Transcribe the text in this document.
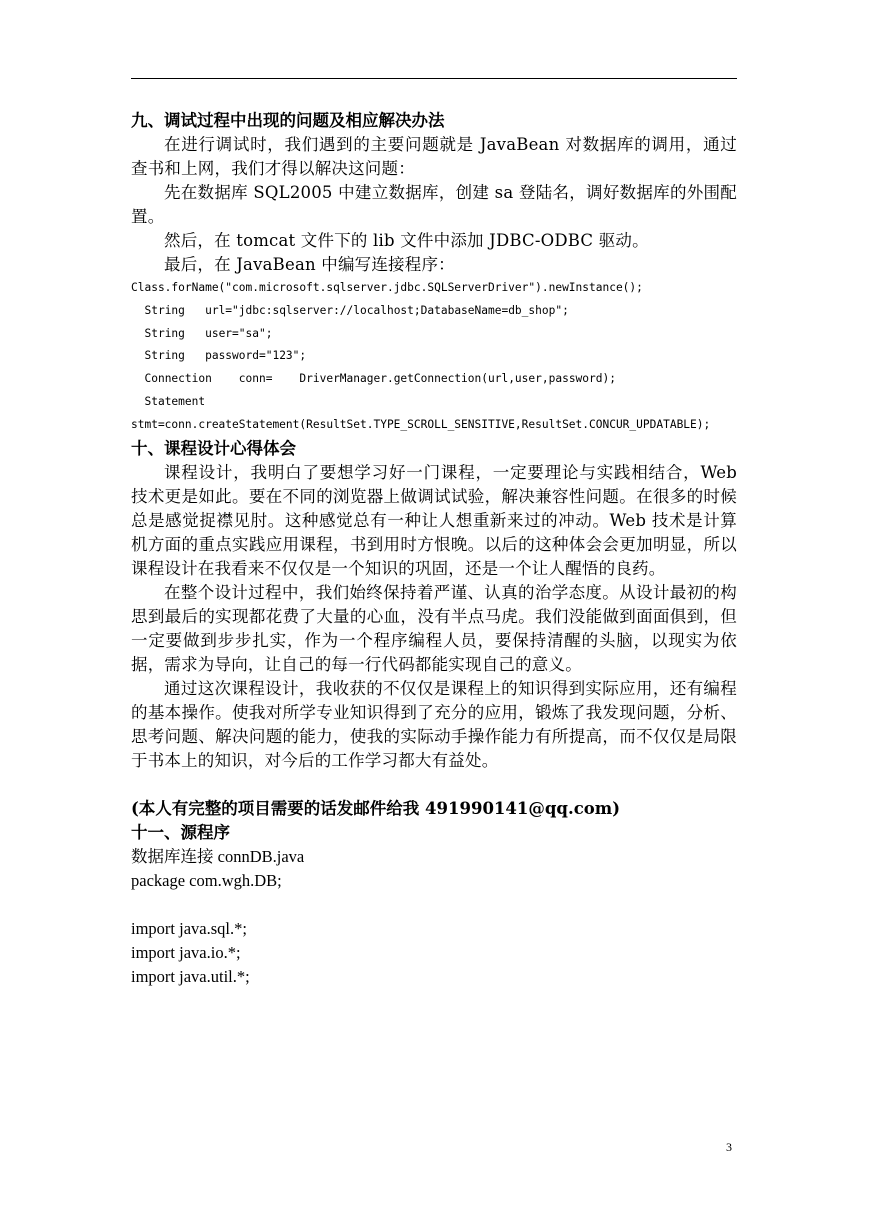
九、调试过程中出现的问题及相应解决办法

在进行调试时，我们遇到的主要问题就是 JavaBean 对数据库的调用，通过查书和上网，我们才得以解决这问题：

先在数据库 SQL2005 中建立数据库，创建 sa 登陆名，调好数据库的外围配置。

然后，在 tomcat 文件下的 lib 文件中添加 JDBC-ODBC 驱动。

最后，在 JavaBean 中编写连接程序：

Class.forName("com.microsoft.sqlserver.jdbc.SQLServerDriver").newInstance();

String   url="jdbc:sqlserver://localhost;DatabaseName=db_shop";

String   user="sa";

String   password="123";

Connection    conn=    DriverManager.getConnection(url,user,password);

Statement

stmt=conn.createStatement(ResultSet.TYPE_SCROLL_SENSITIVE,ResultSet.CONCUR_UPDATABLE);

十、课程设计心得体会

课程设计，我明白了要想学习好一门课程，一定要理论与实践相结合，Web 技术更是如此。要在不同的浏览器上做调试试验，解决兼容性问题。在很多的时候总是感觉捉襟见肘。这种感觉总有一种让人想重新来过的冲动。Web 技术是计算机方面的重点实践应用课程，书到用时方恨晚。以后的这种体会会更加明显，所以课程设计在我看来不仅仅是一个知识的巩固，还是一个让人醒悟的良药。

在整个设计过程中，我们始终保持着严谨、认真的治学态度。从设计最初的构思到最后的实现都花费了大量的心血，没有半点马虎。我们没能做到面面俱到，但一定要做到步步扎实，作为一个程序编程人员，要保持清醒的头脑，以现实为依据，需求为导向，让自己的每一行代码都能实现自己的意义。

通过这次课程设计，我收获的不仅仅是课程上的知识得到实际应用，还有编程的基本操作。使我对所学专业知识得到了充分的应用，锻炼了我发现问题，分析、思考问题、解决问题的能力，使我的实际动手操作能力有所提高，而不仅仅是局限于书本上的知识，对今后的工作学习都大有益处。

(本人有完整的项目需要的话发邮件给我 491990141@qq.com)

十一、源程序

数据库连接 connDB.java

package com.wgh.DB;

import java.sql.*;

import java.io.*;

import java.util.*;

3
